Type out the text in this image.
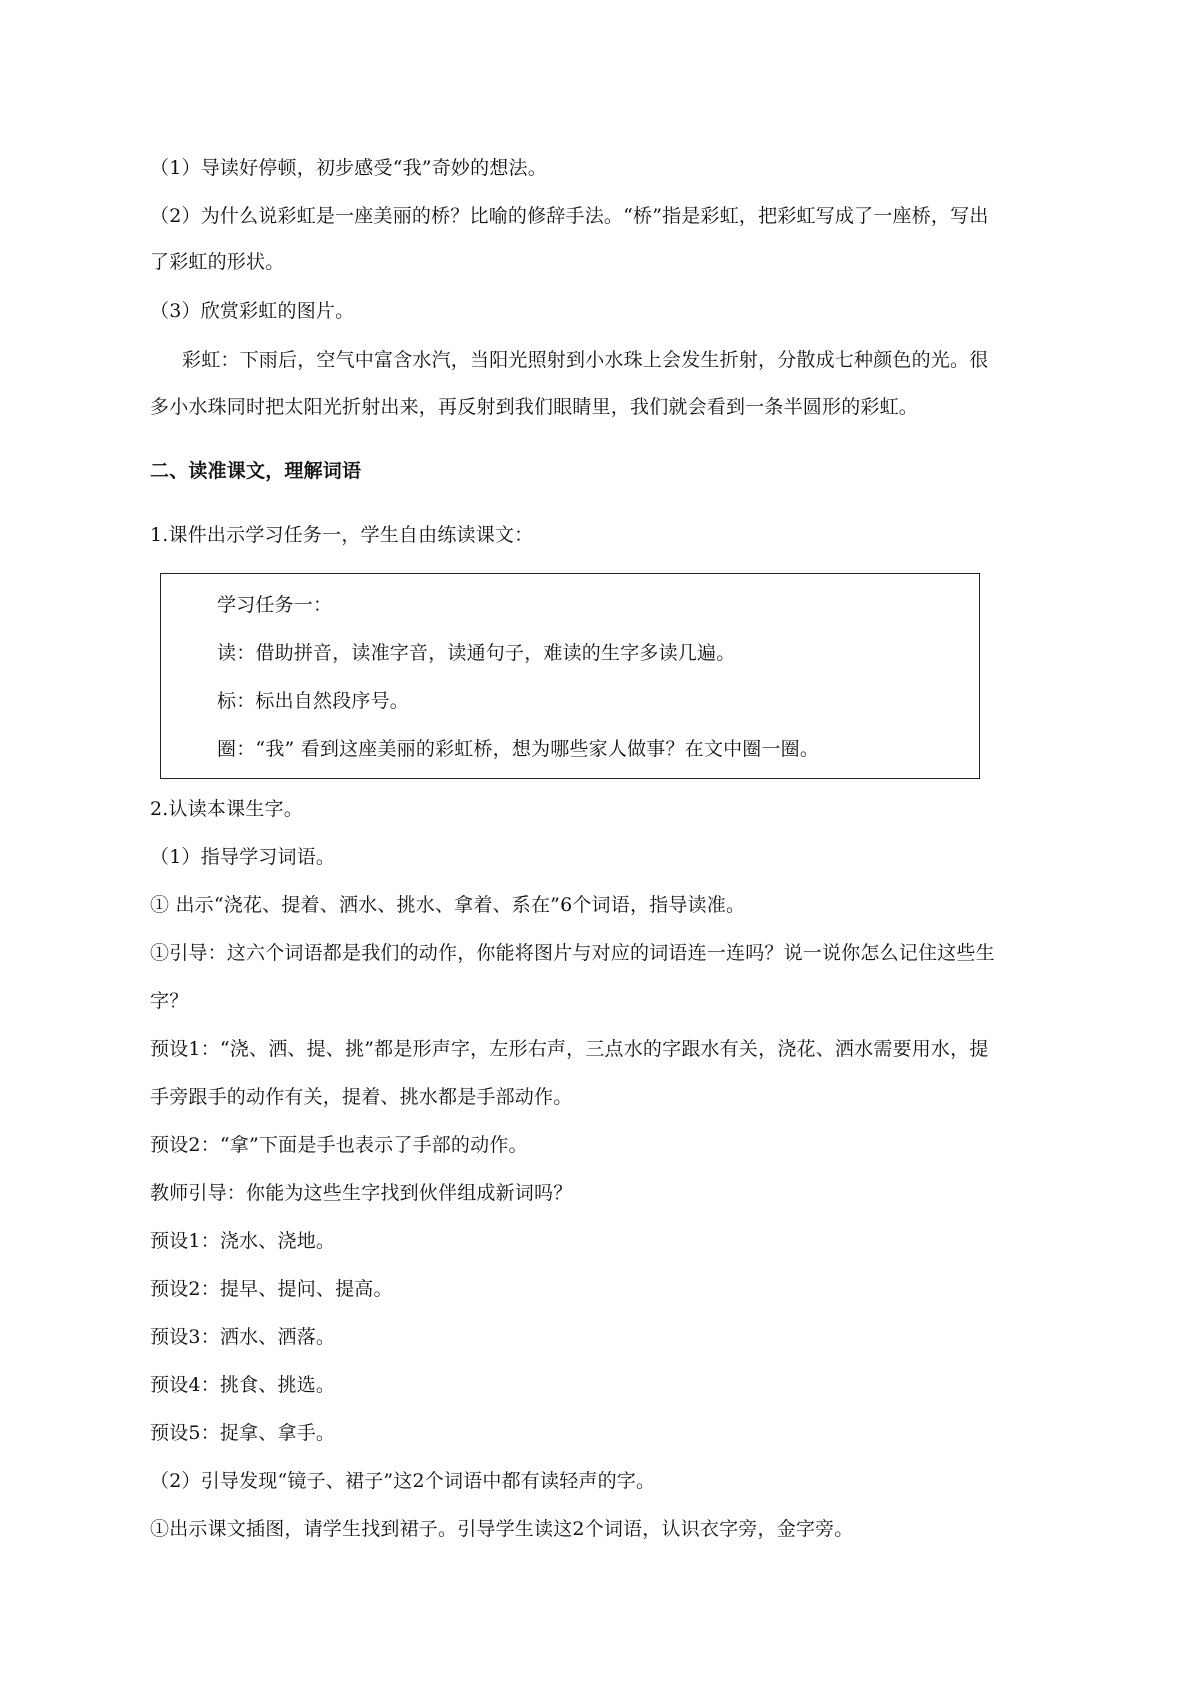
（1）导读好停顿，初步感受“我”奇妙的想法。
（2）为什么说彩虹是一座美丽的桥？比喻的修辞手法。“桥”指是彩虹，把彩虹写成了一座桥，写出
了彩虹的形状。
（3）欣赏彩虹的图片。
彩虹：下雨后，空气中富含水汽，当阳光照射到小水珠上会发生折射，分散成七种颜色的光。很
多小水珠同时把太阳光折射出来，再反射到我们眼睛里，我们就会看到一条半圆形的彩虹。
二、读准课文，理解词语
1.课件出示学习任务一，学生自由练读课文：
学习任务一：
读：借助拼音，读准字音，读通句子，难读的生字多读几遍。
标：标出自然段序号。
圈：“我” 看到这座美丽的彩虹桥，想为哪些家人做事？在文中圈一圈。
2.认读本课生字。
（1）指导学习词语。
① 出示“浇花、提着、洒水、挑水、拿着、系在”6个词语，指导读准。
①引导：这六个词语都是我们的动作，你能将图片与对应的词语连一连吗？说一说你怎么记住这些生
字？
预设1：“浇、洒、提、挑”都是形声字，左形右声，三点水的字跟水有关，浇花、洒水需要用水，提
手旁跟手的动作有关，提着、挑水都是手部动作。
预设2：“拿”下面是手也表示了手部的动作。
教师引导：你能为这些生字找到伙伴组成新词吗？
预设1：浇水、浇地。
预设2：提早、提问、提高。
预设3：洒水、洒落。
预设4：挑食、挑选。
预设5：捉拿、拿手。
（2）引导发现“镜子、裙子”这2个词语中都有读轻声的字。
①出示课文插图，请学生找到裙子。引导学生读这2个词语，认识衣字旁，金字旁。
